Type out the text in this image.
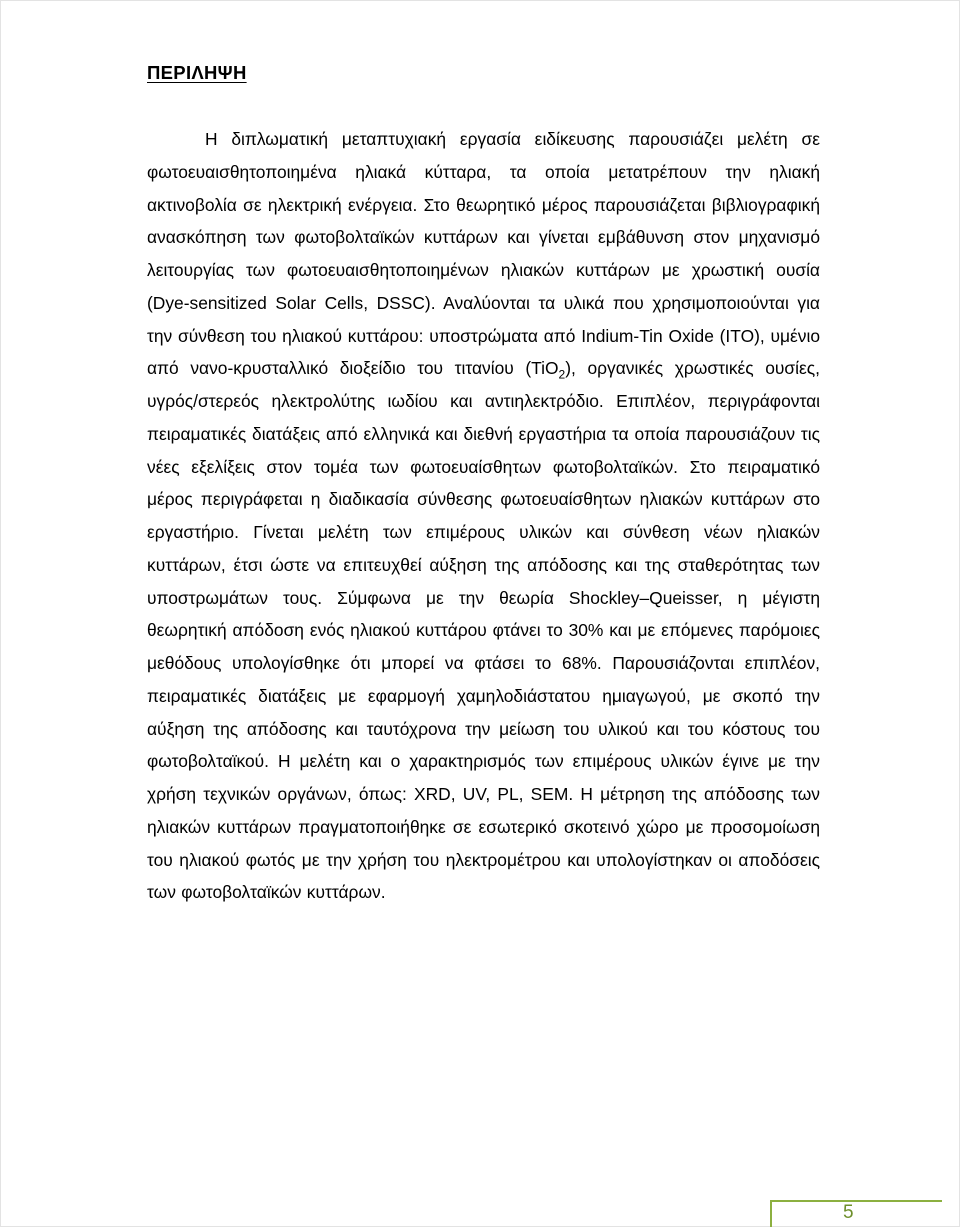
ΠΕΡΙΛΗΨΗ

Η διπλωματική μεταπτυχιακή εργασία ειδίκευσης παρουσιάζει μελέτη σε φωτοευαισθητοποιημένα ηλιακά κύτταρα, τα οποία μετατρέπουν την ηλιακή ακτινοβολία σε ηλεκτρική ενέργεια. Στο θεωρητικό μέρος παρουσιάζεται βιβλιογραφική ανασκόπηση των φωτοβολταϊκών κυττάρων και γίνεται εμβάθυνση στον μηχανισμό λειτουργίας των φωτοευαισθητοποιημένων ηλιακών κυττάρων με χρωστική ουσία (Dye-sensitized Solar Cells, DSSC). Αναλύονται τα υλικά που χρησιμοποιούνται για την σύνθεση του ηλιακού κυττάρου: υποστρώματα από Indium-Tin Oxide (ITO), υμένιο από νανο-κρυσταλλικό διοξείδιο του τιτανίου (TiO$_2$), οργανικές χρωστικές ουσίες, υγρός/στερεός ηλεκτρολύτης ιωδίου και αντιηλεκτρόδιο. Επιπλέον, περιγράφονται πειραματικές διατάξεις από ελληνικά και διεθνή εργαστήρια τα οποία παρουσιάζουν τις νέες εξελίξεις στον τομέα των φωτοευαίσθητων φωτοβολταϊκών. Στο πειραματικό μέρος περιγράφεται η διαδικασία σύνθεσης φωτοευαίσθητων ηλιακών κυττάρων στο εργαστήριο. Γίνεται μελέτη των επιμέρους υλικών και σύνθεση νέων ηλιακών κυττάρων, έτσι ώστε να επιτευχθεί αύξηση της απόδοσης και της σταθερότητας των υποστρωμάτων τους. Σύμφωνα με την θεωρία Shockley–Queisser, η μέγιστη θεωρητική απόδοση ενός ηλιακού κυττάρου φτάνει το 30% και με επόμενες παρόμοιες μεθόδους υπολογίσθηκε ότι μπορεί να φτάσει το 68%. Παρουσιάζονται επιπλέον, πειραματικές διατάξεις με εφαρμογή χαμηλοδιάστατου ημιαγωγού, με σκοπό την αύξηση της απόδοσης και ταυτόχρονα την μείωση του υλικού και του κόστους του φωτοβολταϊκού. Η μελέτη και ο χαρακτηρισμός των επιμέρους υλικών έγινε με την χρήση τεχνικών οργάνων, όπως: XRD, UV, PL, SEM. Η μέτρηση της απόδοσης των ηλιακών κυττάρων πραγματοποιήθηκε σε εσωτερικό σκοτεινό χώρο με προσομοίωση του ηλιακού φωτός με την χρήση του ηλεκτρομέτρου και υπολογίστηκαν οι αποδόσεις των φωτοβολταϊκών κυττάρων.

5
